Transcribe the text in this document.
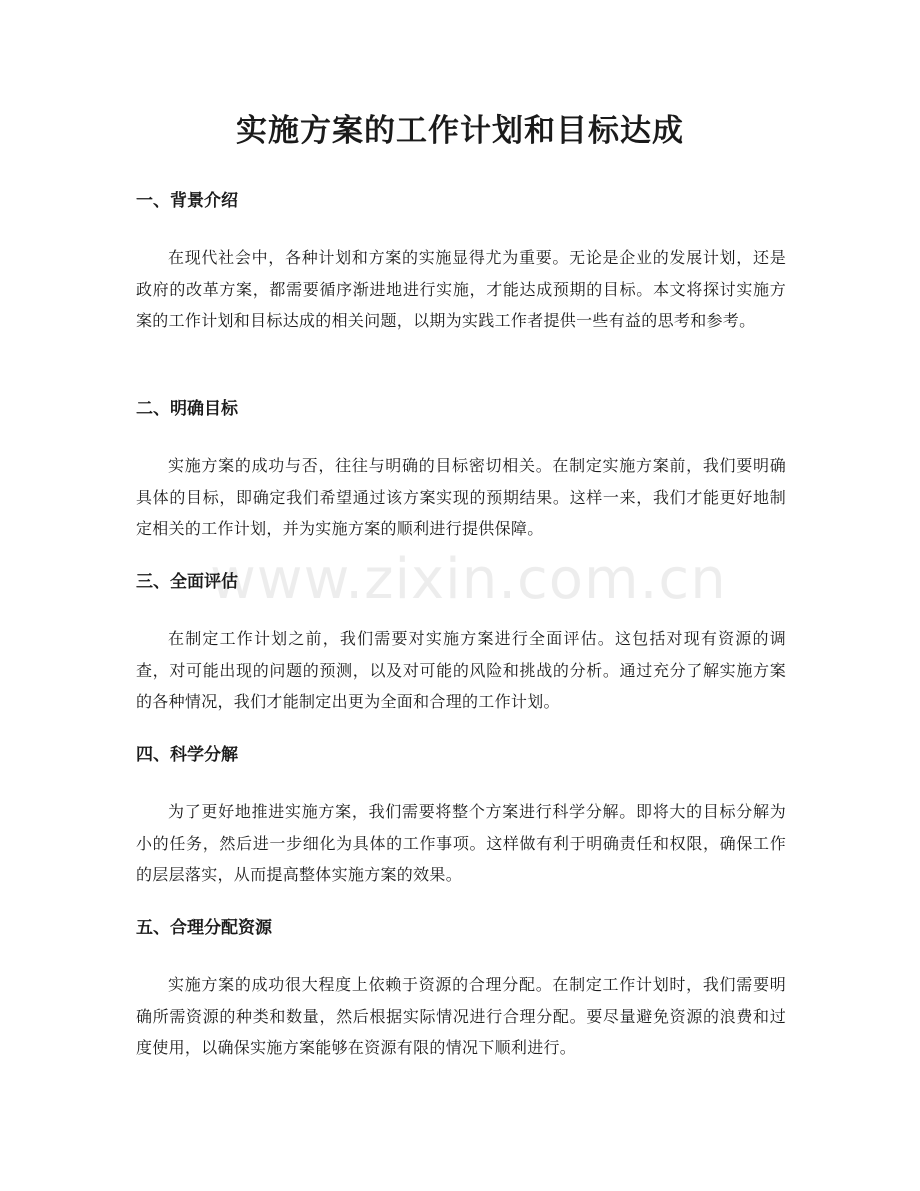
实施方案的工作计划和目标达成
一、背景介绍

在现代社会中，各种计划和方案的实施显得尤为重要。无论是企业的发展计划，还是政府的改革方案，都需要循序渐进地进行实施，才能达成预期的目标。本文将探讨实施方案的工作计划和目标达成的相关问题，以期为实践工作者提供一些有益的思考和参考。

二、明确目标

实施方案的成功与否，往往与明确的目标密切相关。在制定实施方案前，我们要明确具体的目标，即确定我们希望通过该方案实现的预期结果。这样一来，我们才能更好地制定相关的工作计划，并为实施方案的顺利进行提供保障。

三、全面评估

在制定工作计划之前，我们需要对实施方案进行全面评估。这包括对现有资源的调查，对可能出现的问题的预测，以及对可能的风险和挑战的分析。通过充分了解实施方案的各种情况，我们才能制定出更为全面和合理的工作计划。

四、科学分解

为了更好地推进实施方案，我们需要将整个方案进行科学分解。即将大的目标分解为小的任务，然后进一步细化为具体的工作事项。这样做有利于明确责任和权限，确保工作的层层落实，从而提高整体实施方案的效果。

五、合理分配资源

实施方案的成功很大程度上依赖于资源的合理分配。在制定工作计划时，我们需要明确所需资源的种类和数量，然后根据实际情况进行合理分配。要尽量避免资源的浪费和过度使用，以确保实施方案能够在资源有限的情况下顺利进行。

www.zixin.com.cn
